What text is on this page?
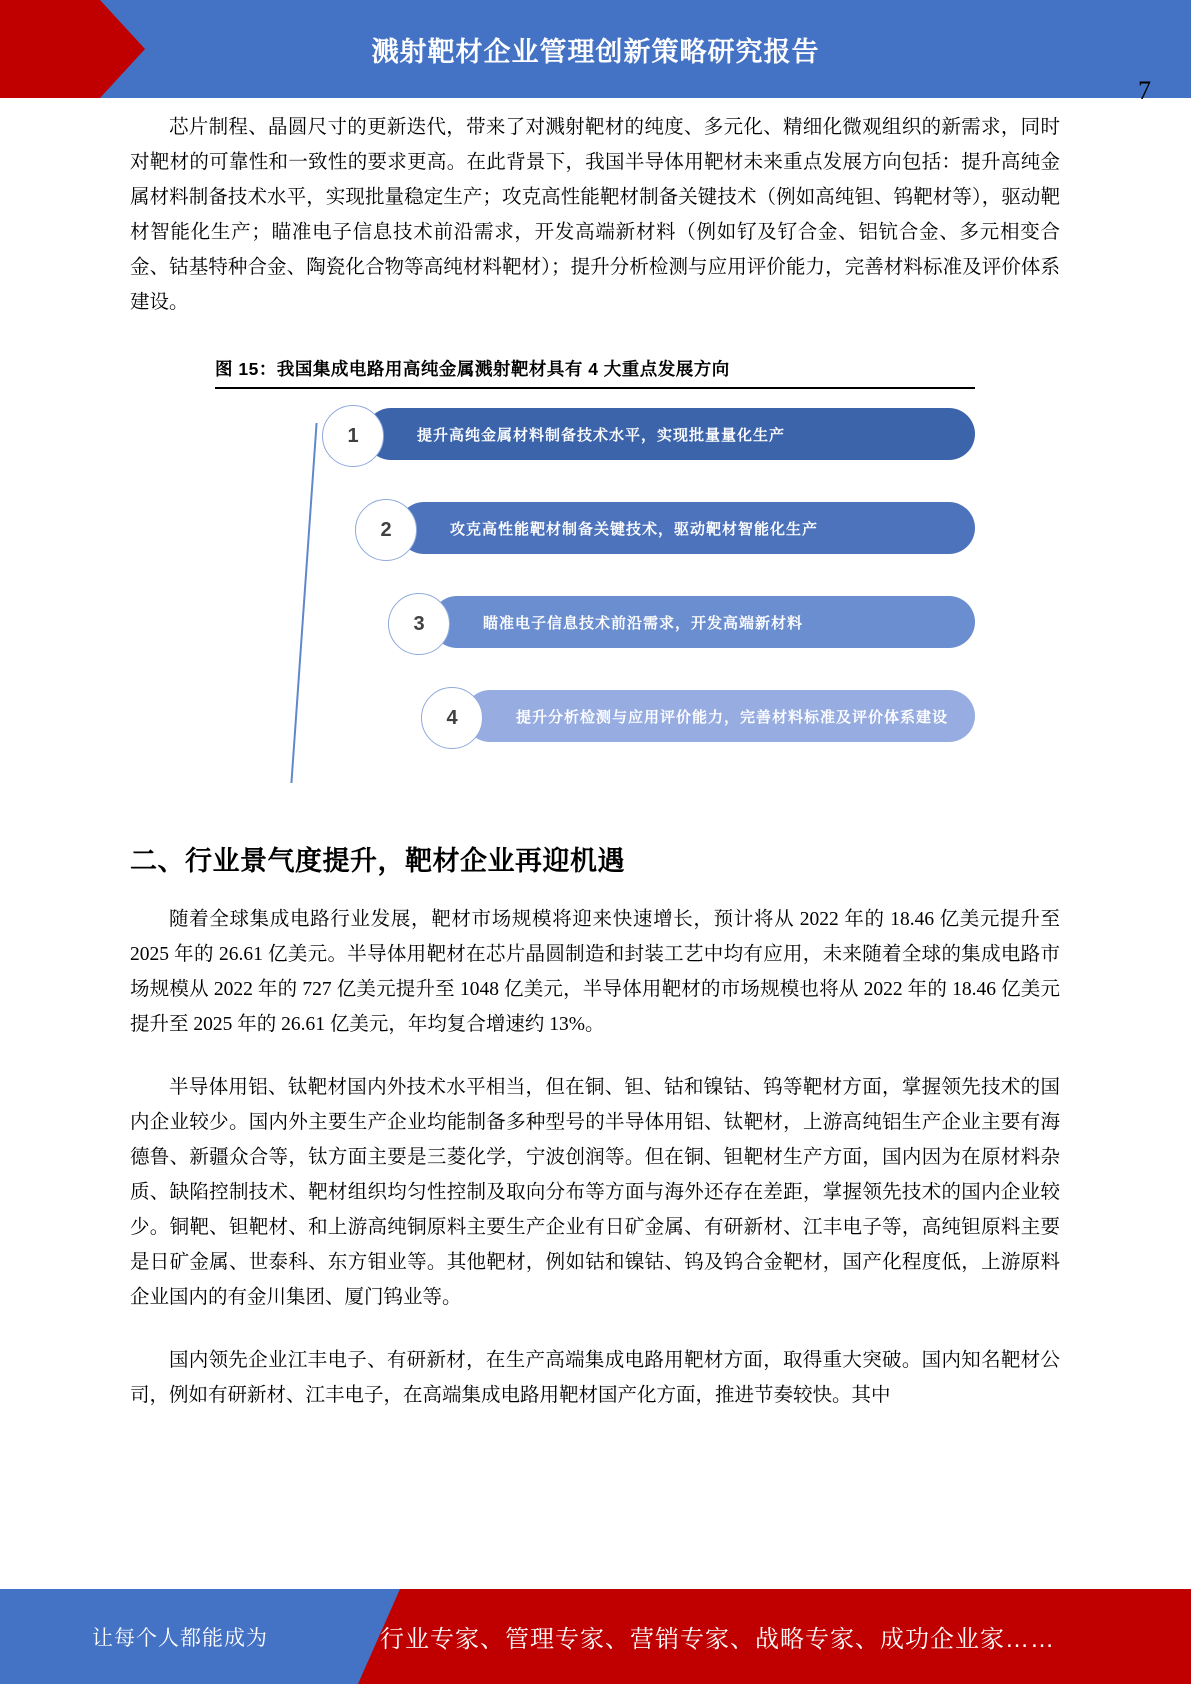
溅射靶材企业管理创新策略研究报告

芯片制程、晶圆尺寸的更新迭代，带来了对溅射靶材的纯度、多元化、精细化微观组织的新需求，同时对靶材的可靠性和一致性的要求更高。在此背景下，我国半导体用靶材未来重点发展方向包括：提升高纯金属材料制备技术水平，实现批量稳定生产；攻克高性能靶材制备关键技术（例如高纯钽、钨靶材等），驱动靶材智能化生产；瞄准电子信息技术前沿需求，开发高端新材料（例如钌及钌合金、铝钪合金、多元相变合金、钴基特种合金、陶瓷化合物等高纯材料靶材）；提升分析检测与应用评价能力，完善材料标准及评价体系建设。

图 15：我国集成电路用高纯金属溅射靶材具有 4 大重点发展方向
提升高纯金属材料制备技术水平，实现批量量化生产
1
攻克高性能靶材制备关键技术，驱动靶材智能化生产
2
瞄准电子信息技术前沿需求，开发高端新材料
3
提升分析检测与应用评价能力，完善材料标准及评价体系建设
4
二、行业景气度提升，靶材企业再迎机遇

随着全球集成电路行业发展，靶材市场规模将迎来快速增长，预计将从 2022 年的 18.46 亿美元提升至 2025 年的 26.61 亿美元。半导体用靶材在芯片晶圆制造和封装工艺中均有应用，未来随着全球的集成电路市场规模从 2022 年的 727 亿美元提升至 1048 亿美元，半导体用靶材的市场规模也将从 2022 年的 18.46 亿美元提升至 2025 年的 26.61 亿美元，年均复合增速约 13%。

半导体用铝、钛靶材国内外技术水平相当，但在铜、钽、钴和镍钴、钨等靶材方面，掌握领先技术的国内企业较少。国内外主要生产企业均能制备多种型号的半导体用铝、钛靶材，上游高纯铝生产企业主要有海德鲁、新疆众合等，钛方面主要是三菱化学，宁波创润等。但在铜、钽靶材生产方面，国内因为在原材料杂质、缺陷控制技术、靶材组织均匀性控制及取向分布等方面与海外还存在差距，掌握领先技术的国内企业较少。铜靶、钽靶材、和上游高纯铜原料主要生产企业有日矿金属、有研新材、江丰电子等，高纯钽原料主要是日矿金属、世泰科、东方钼业等。其他靶材，例如钴和镍钴、钨及钨合金靶材，国产化程度低，上游原料企业国内的有金川集团、厦门钨业等。

国内领先企业江丰电子、有研新材，在生产高端集成电路用靶材方面，取得重大突破。国内知名靶材公司，例如有研新材、江丰电子，在高端集成电路用靶材国产化方面，推进节奏较快。其中

7
让每个人都能成为	行业专家、管理专家、营销专家、战略专家、成功企业家……
